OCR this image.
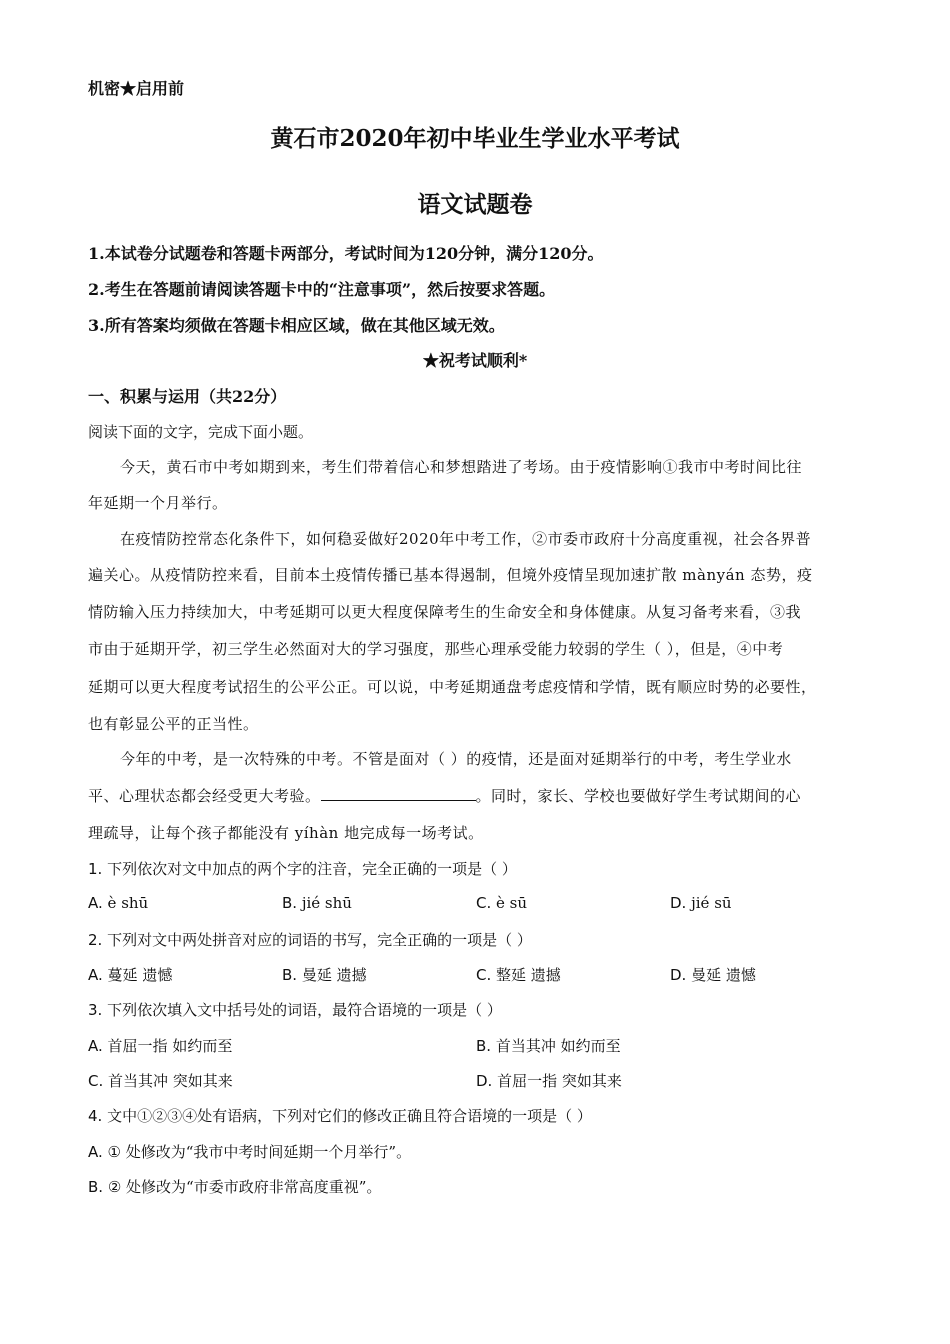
机密★启用前
黄石市2020年初中毕业生学业水平考试
语文试题卷
1.本试卷分试题卷和答题卡两部分，考试时间为120分钟，满分120分。
2.考生在答题前请阅读答题卡中的“注意事项”，然后按要求答题。
3.所有答案均须做在答题卡相应区域，做在其他区域无效。
★祝考试顺利*
一、积累与运用（共22分）
阅读下面的文字，完成下面小题。
今天，黄石市中考如期到来，考生们带着信心和梦想踏进了考场。由于疫情影响①我市中考时间比往
年延期一个月举行。
在疫情防控常态化条件下，如何稳妥做好2020年中考工作，②市委市政府十分高度重视，社会各界普
遍关心。从疫情防控来看，目前本土疫情传播已基本得遏制，但境外疫情呈现加速扩散 mànyán 态势，疫
情防输入压力持续加大，中考延期可以更大程度保障考生的生命安全和身体健康。从复习备考来看，③我
市由于延期开学，初三学生必然面对大的学习强度，那些心理承受能力较弱的学生（ ），但是，④中考
延期可以更大程度考试招生的公平公正。可以说，中考延期通盘考虑疫情和学情，既有顺应时势的必要性，
也有彰显公平的正当性。
今年的中考，是一次特殊的中考。不管是面对（ ）的疫情，还是面对延期举行的中考，考生学业水
平、心理状态都会经受更大考验。	。同时，家长、学校也要做好学生考试期间的心
理疏导，让每个孩子都能没有 yíhàn 地完成每一场考试。
1. 下列依次对文中加点的两个字的注音，完全正确的一项是（ ）
A. è shū	B. jié shū	C. è sū	D. jié sū
2. 下列对文中两处拼音对应的词语的书写，完全正确的一项是（ ）
A. 蔓延 遗憾	B. 曼延 遗撼	C. 整延 遗撼	D. 曼延 遗憾
3. 下列依次填入文中括号处的词语，最符合语境的一项是（ ）
A. 首屈一指 如约而至	B. 首当其冲 如约而至
C. 首当其冲 突如其来	D. 首屈一指 突如其来
4. 文中①②③④处有语病，下列对它们的修改正确且符合语境的一项是（ ）
A. ① 处修改为“我市中考时间延期一个月举行”。
B. ② 处修改为“市委市政府非常高度重视”。
